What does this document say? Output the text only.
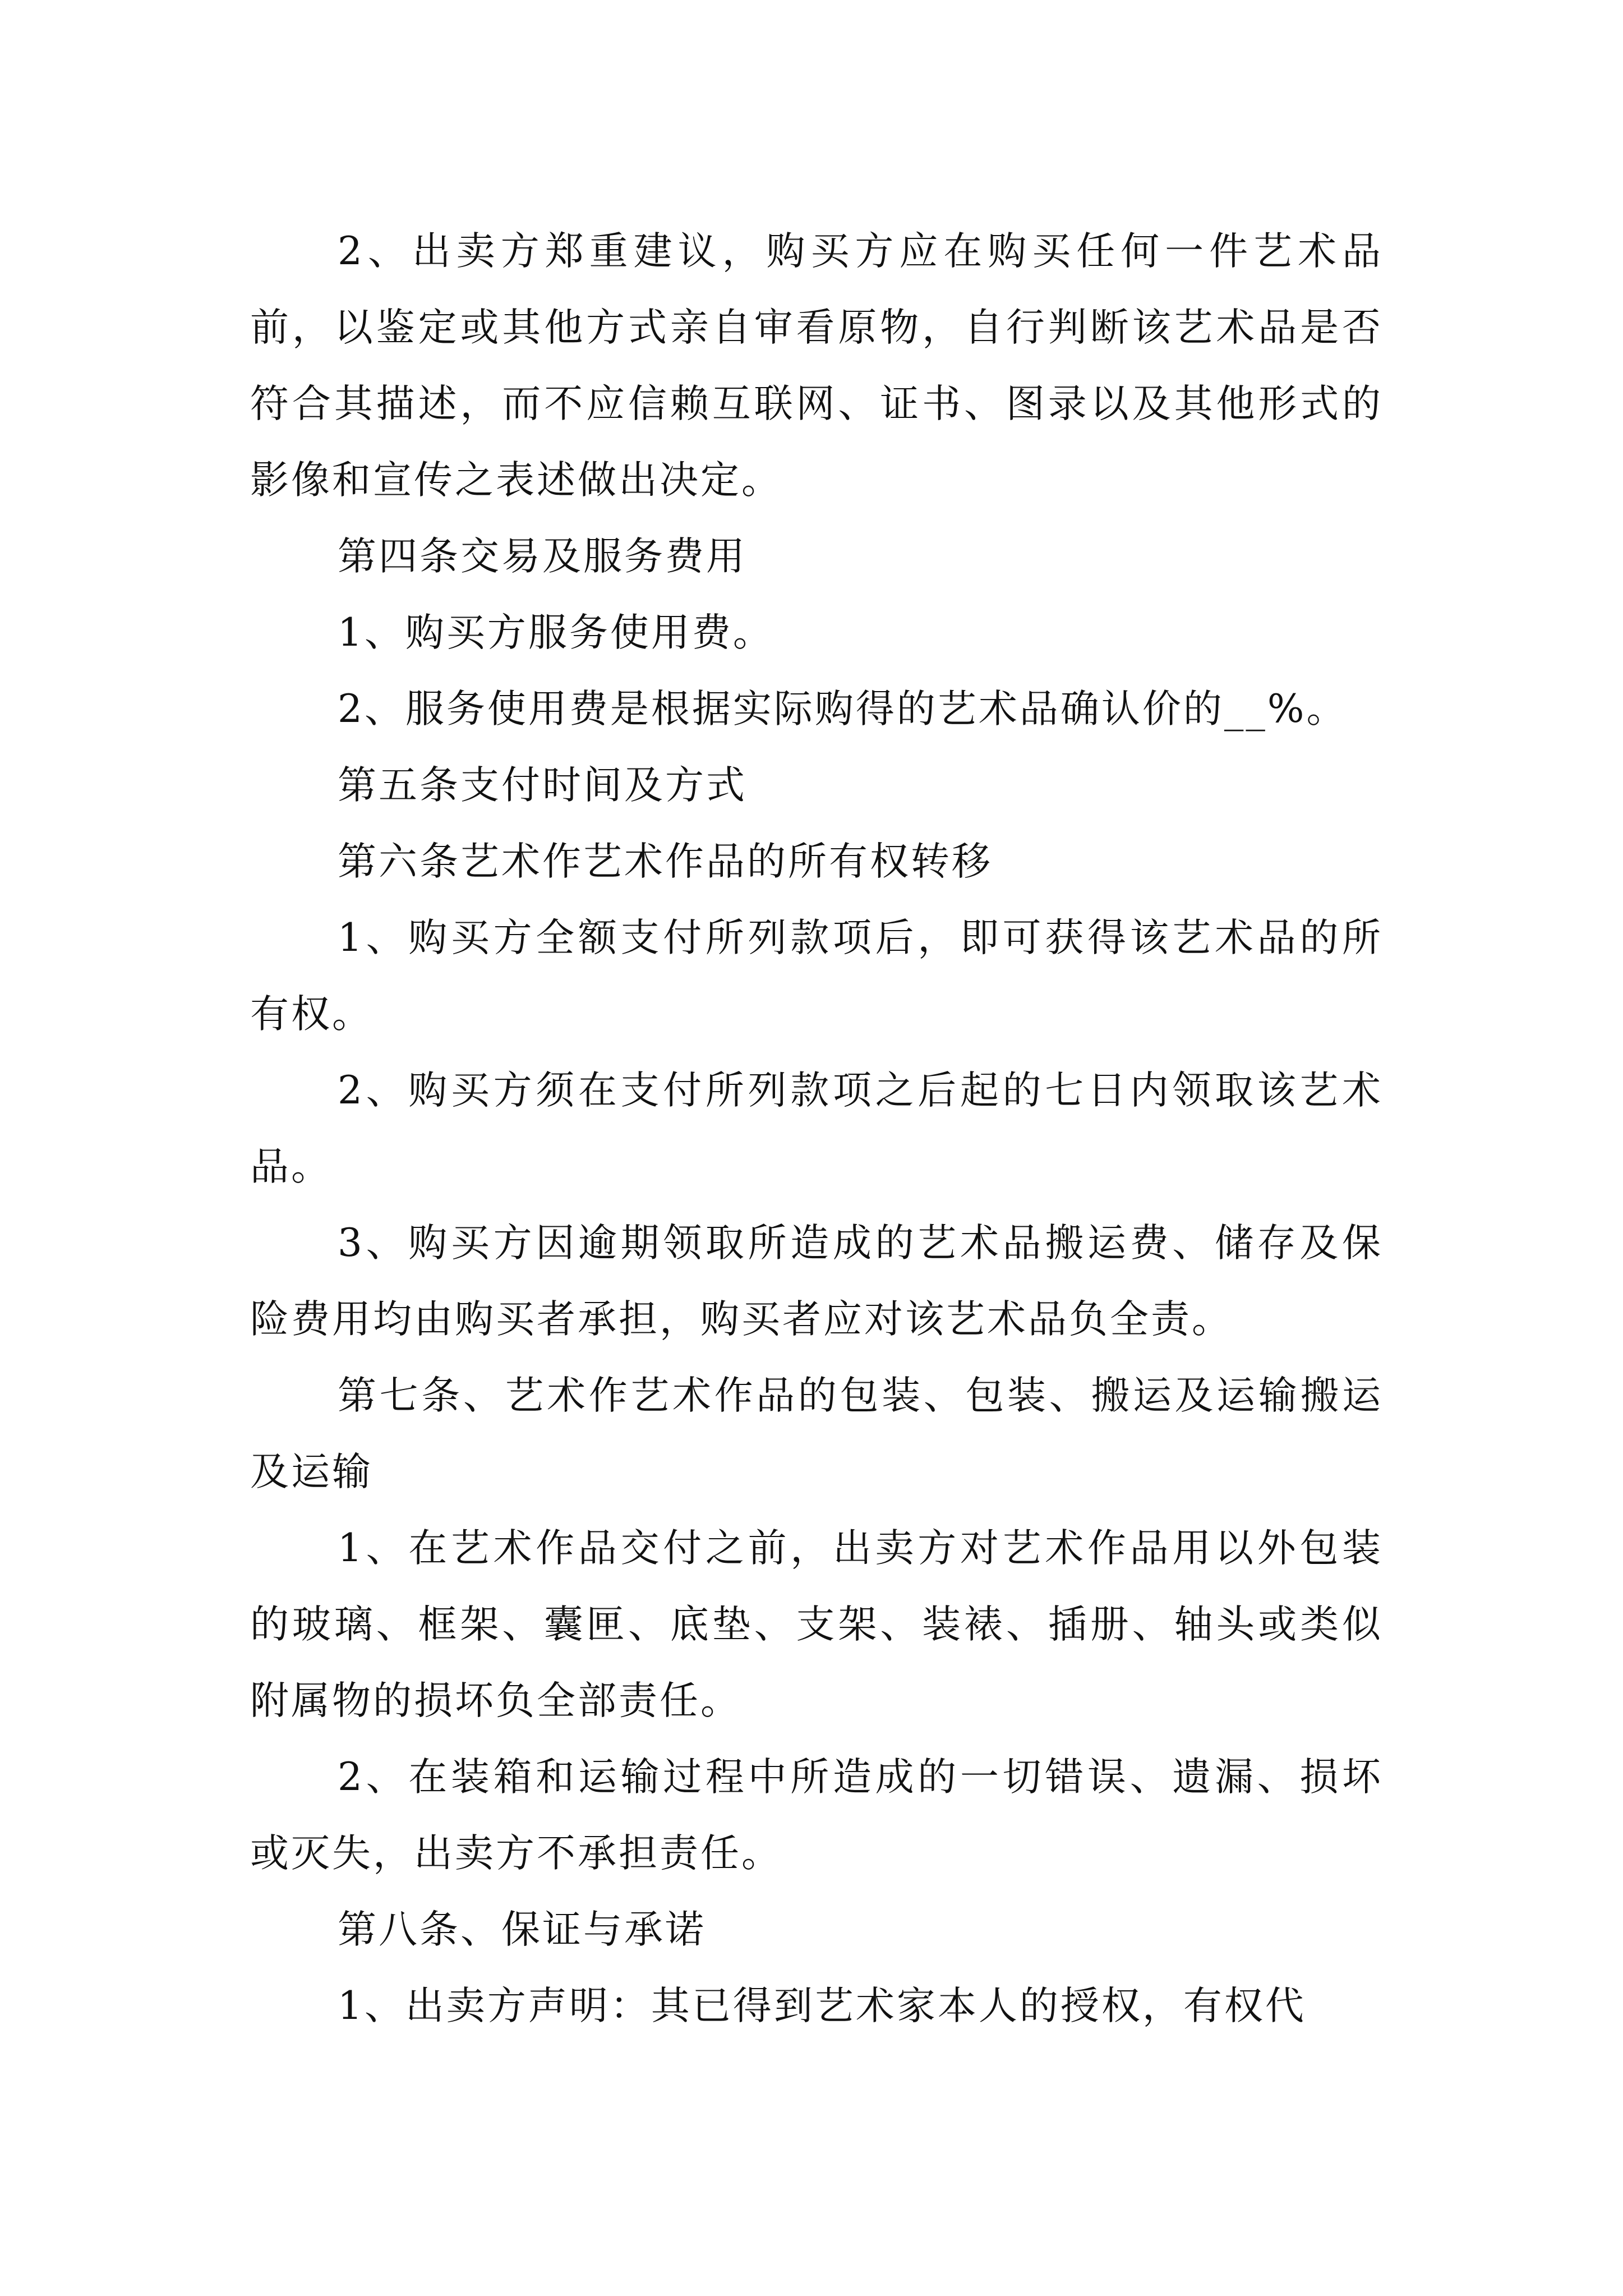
2、出卖方郑重建议，购买方应在购买任何一件艺术品前，以鉴定或其他方式亲自审看原物，自行判断该艺术品是否符合其描述，而不应信赖互联网、证书、图录以及其他形式的影像和宣传之表述做出决定。

第四条交易及服务费用

1、购买方服务使用费。

2、服务使用费是根据实际购得的艺术品确认价的__%。

第五条支付时间及方式

第六条艺术作艺术作品的所有权转移

1、购买方全额支付所列款项后，即可获得该艺术品的所有权。

2、购买方须在支付所列款项之后起的七日内领取该艺术品。

3、购买方因逾期领取所造成的艺术品搬运费、储存及保险费用均由购买者承担，购买者应对该艺术品负全责。

第七条、艺术作艺术作品的包装、包装、搬运及运输搬运及运输

1、在艺术作品交付之前，出卖方对艺术作品用以外包装的玻璃、框架、囊匣、底垫、支架、装裱、插册、轴头或类似附属物的损坏负全部责任。

2、在装箱和运输过程中所造成的一切错误、遗漏、损坏或灭失，出卖方不承担责任。

第八条、保证与承诺

1、出卖方声明：其已得到艺术家本人的授权，有权代
